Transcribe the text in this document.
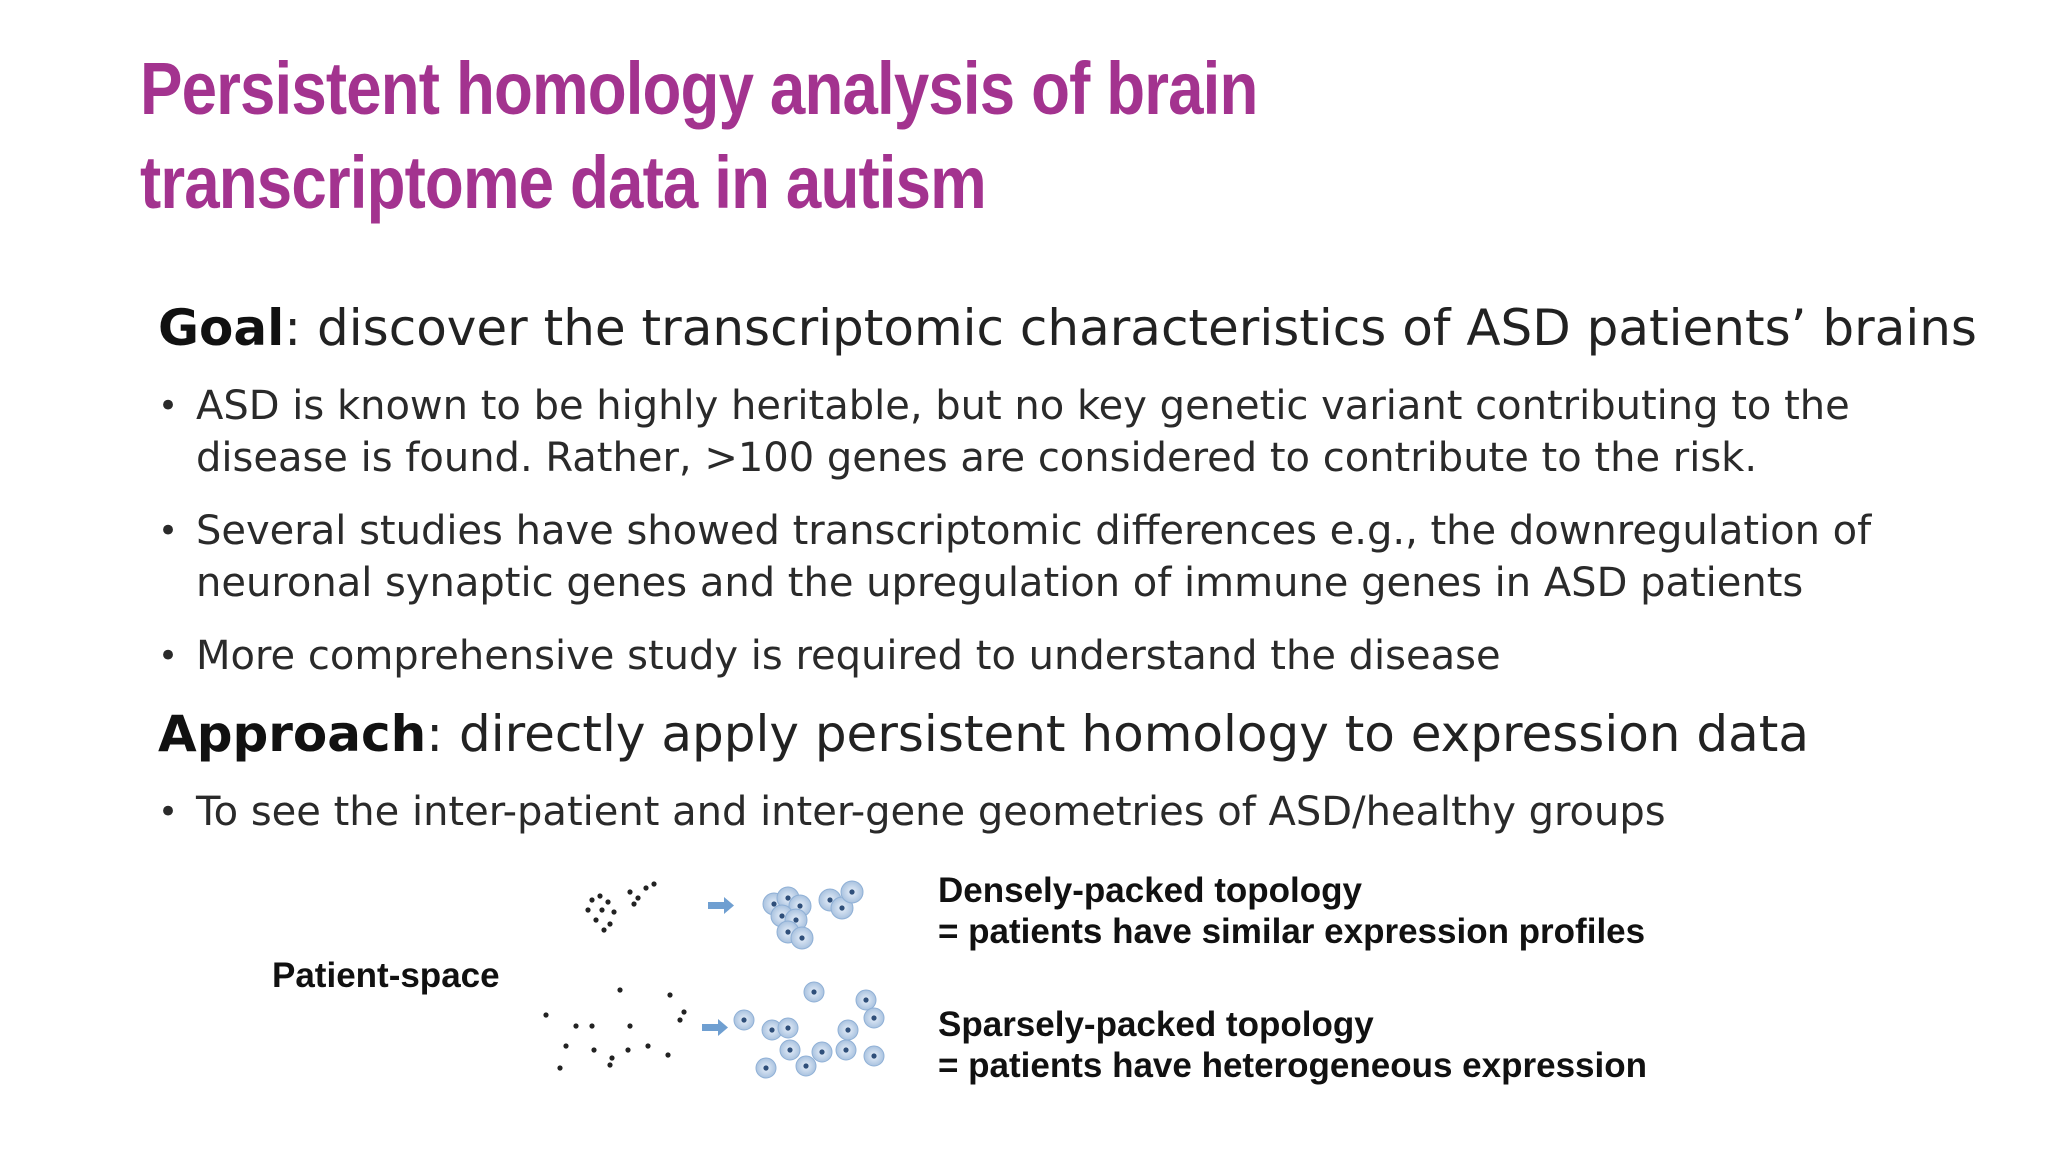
Persistent homology analysis of brain
transcriptome data in autism
Goal: discover the transcriptomic characteristics of ASD patients’ brains
• ASD is known to be highly heritable, but no key genetic variant contributing to the disease is found. Rather, >100 genes are considered to contribute to the risk.
• Several studies have showed transcriptomic differences e.g., the downregulation of neuronal synaptic genes and the upregulation of immune genes in ASD patients
• More comprehensive study is required to understand the disease
Approach: directly apply persistent homology to expression data
• To see the inter-patient and inter-gene geometries of ASD/healthy groups
Patient-space
Densely-packed topology
= patients have similar expression profiles
Sparsely-packed topology
= patients have heterogeneous expression
